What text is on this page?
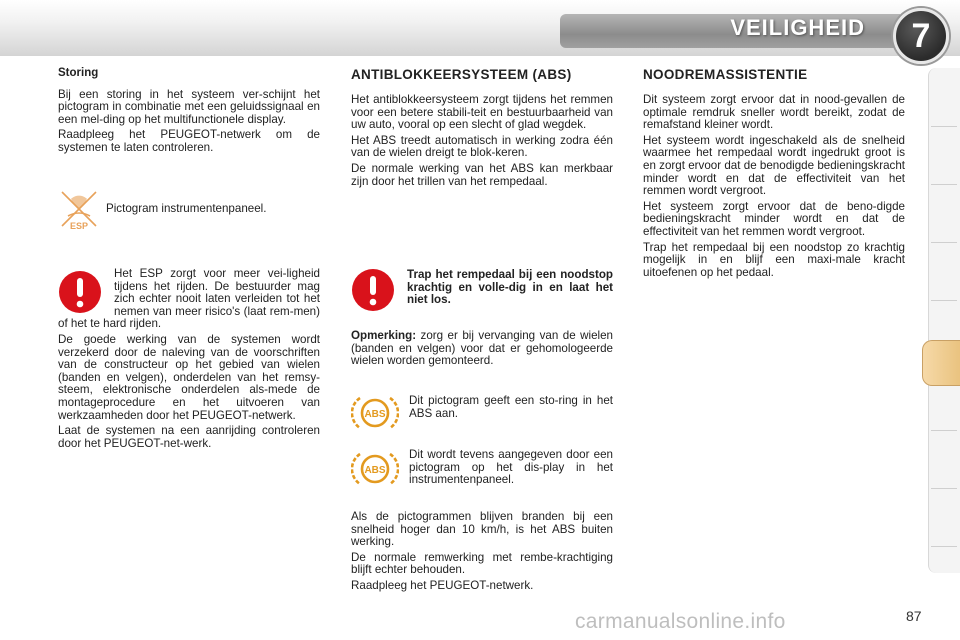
VEILIGHEID	7
Storing

Bij een storing in het systeem ver-schijnt het pictogram in combinatie met een geluidssignaal en een mel-ding op het multifunctionele display.

Raadpleeg het PEUGEOT-netwerk om de systemen te laten controleren.

ESP
Pictogram instrumentenpaneel.

Het ESP zorgt voor meer vei-ligheid tijdens het rijden. De bestuurder mag zich echter nooit laten verleiden tot het nemen van meer risico's (laat rem-men) of het te hard rijden.

De goede werking van de systemen wordt verzekerd door de naleving van de voorschriften van de constructeur op het gebied van wielen (banden en velgen), onderdelen van het remsy-steem, elektronische onderdelen als-mede de montageprocedure en het uitvoeren van werkzaamheden door het PEUGEOT-netwerk.

Laat de systemen na een aanrijding controleren door het PEUGEOT-net-werk.

ANTIBLOKKEERSYSTEEM (ABS)

Het antiblokkeersysteem zorgt tijdens het remmen voor een betere stabili-teit en bestuurbaarheid van uw auto, vooral op een slecht of glad wegdek.

Het ABS treedt automatisch in werking zodra één van de wielen dreigt te blok-keren.

De normale werking van het ABS kan merkbaar zijn door het trillen van het rempedaal.

Trap het rempedaal bij een noodstop krachtig en volle-dig in en laat het niet los.

Opmerking: zorg er bij vervanging van de wielen (banden en velgen) voor dat er gehomologeerde wielen worden gemonteerd.

ABS

Dit pictogram geeft een sto-ring in het ABS aan.

ABS

Dit wordt tevens aangegeven door een pictogram op het dis-play in het instrumentenpaneel.

Als de pictogrammen blijven branden bij een snelheid hoger dan 10 km/h, is het ABS buiten werking.

De normale remwerking met rembe-krachtiging blijft echter behouden.

Raadpleeg het PEUGEOT-netwerk.

NOODREMASSISTENTIE

Dit systeem zorgt ervoor dat in nood-gevallen de optimale remdruk sneller wordt bereikt, zodat de remafstand kleiner wordt.

Het systeem wordt ingeschakeld als de snelheid waarmee het rempedaal wordt ingedrukt groot is en zorgt ervoor dat de benodigde bedieningskracht minder wordt en dat de effectiviteit van het remmen wordt vergroot.

Het systeem zorgt ervoor dat de beno-digde bedieningskracht minder wordt en dat de effectiviteit van het remmen wordt vergroot.

Trap het rempedaal bij een noodstop zo krachtig mogelijk in en blijf een maxi-male kracht uitoefenen op het pedaal.

carmanualsonline.info	87
